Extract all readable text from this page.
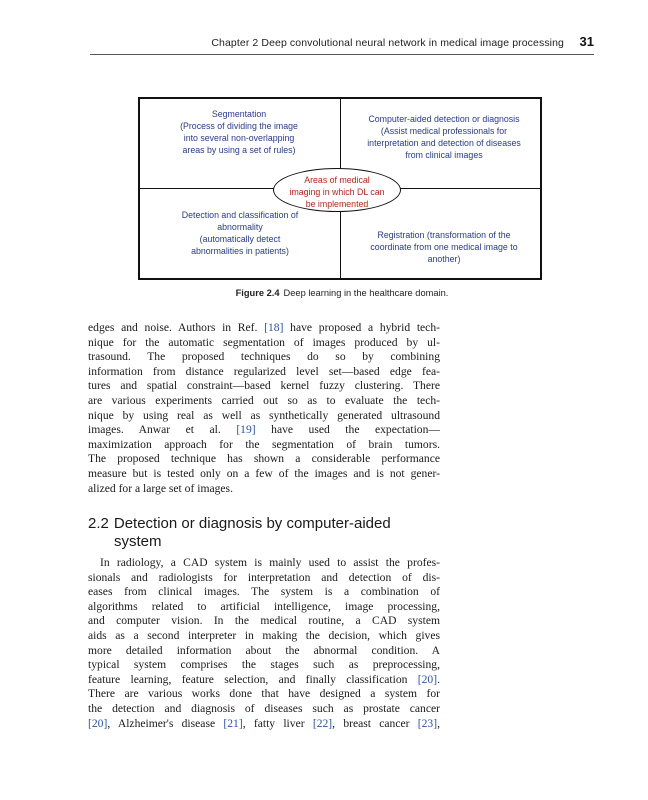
Chapter 2 Deep convolutional neural network in medical image processing 31
Segmentation
(Process of dividing the image
into several non-overlapping
areas by using a set of rules)
Computer-aided detection or diagnosis
(Assist medical professionals for
interpretation and detection of diseases
from clinical images
Detection and classification of
abnormality
(automatically detect
abnormalities in patients)
Registration (transformation of the
coordinate from one medical image to
another)
Areas of medical
imaging in which DL can
be implemented
Figure 2.4 Deep learning in the healthcare domain.
edges and noise. Authors in Ref. [18] have proposed a hybrid tech-
nique for the automatic segmentation of images produced by ul-
trasound. The proposed techniques do so by combining
information from distance regularized level set—based edge fea-
tures and spatial constraint—based kernel fuzzy clustering. There
are various experiments carried out so as to evaluate the tech-
nique by using real as well as synthetically generated ultrasound
images. Anwar et al. [19] have used the expectation—
maximization approach for the segmentation of brain tumors.
The proposed technique has shown a considerable performance
measure but is tested only on a few of the images and is not gener-
alized for a large set of images.
2.2 Detection or diagnosis by computer-aided
system
In radiology, a CAD system is mainly used to assist the profes-
sionals and radiologists for interpretation and detection of dis-
eases from clinical images. The system is a combination of
algorithms related to artificial intelligence, image processing,
and computer vision. In the medical routine, a CAD system
aids as a second interpreter in making the decision, which gives
more detailed information about the abnormal condition. A
typical system comprises the stages such as preprocessing,
feature learning, feature selection, and finally classification [20].
There are various works done that have designed a system for
the detection and diagnosis of diseases such as prostate cancer
[20], Alzheimer's disease [21], fatty liver [22], breast cancer [23],
